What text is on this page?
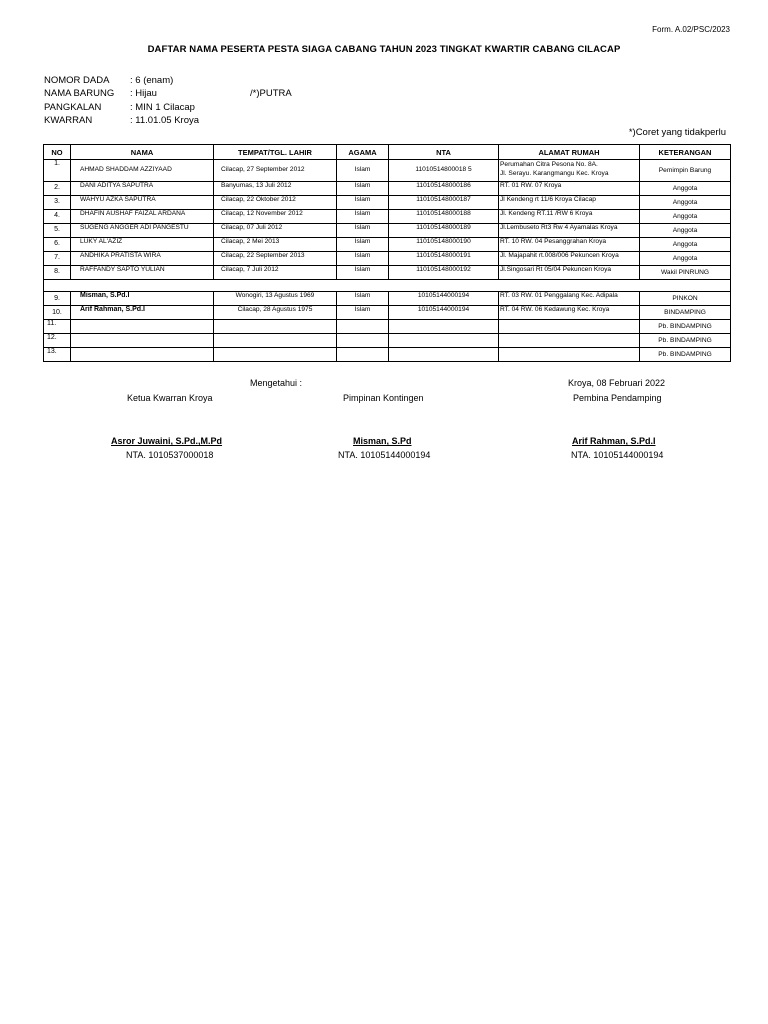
Form. A.02/PSC/2023
DAFTAR NAMA PESERTA PESTA SIAGA CABANG TAHUN 2023 TINGKAT KWARTIR CABANG CILACAP
NOMOR DADA : 6 (enam)
NAMA BARUNG : Hijau	/*)PUTRA
PANGKALAN	: MIN 1 Cilacap
KWARRAN	: 11.01.05 Kroya
*)Coret yang tidakperlu
NO	NAMA	TEMPAT/TGL. LAHIR	AGAMA	NTA	ALAMAT RUMAH	KETERANGAN
1.	AHMAD SHADDAM AZZIYAAD	Cilacap, 27 September 2012	Islam	11010514800018 5	Perumahan Citra Pesona No. 8A.
Jl. Serayu. Karangmangu Kec. Kroya	Pemimpin Barung
2.	DANI ADITYA SAPUTRA	Banyumas, 13 Juli 2012	Islam	110105148000186	RT. 01 RW. 07 Kroya	Anggota
3.	WAHYU AZKA SAPUTRA	Cilacap, 22 Oktober 2012	Islam	110105148000187	Jl Kendeng rt 11/6 Kroya Cilacap	Anggota
4.	DHAFIN AUSHAF FAIZAL ARDANA	Cilacap, 12 November 2012	Islam	110105148000188	Jl. Kendeng RT.11 /RW 6 Kroya	Anggota
5.	SUGENG ANGGER ADI PANGESTU	Cilacap, 07 Juli 2012	Islam	110105148000189	Jl.Lembuseto Rt3 Rw 4 Ayamalas Kroya	Anggota
6.	LUKY AL'AZIZ	Cilacap, 2 Mei 2013	Islam	110105148000190	RT. 10 RW. 04 Pesanggrahan Kroya	Anggota
7.	ANDHIKA PRATISTA WIRA	Cilacap, 22 September 2013	Islam	110105148000191	Jl. Majapahit rt.008/006 Pekuncen Kroya	Anggota
8.	RAFFANDY SAPTO YULIAN	Cilacap, 7 Juli 2012	Islam	110105148000192	Jl.Singosari Rt 05/04 Pekuncen Kroya	Wakil PINRUNG

9.	Misman, S.Pd.I	Wonogiri, 13 Agustus 1969	Islam	10105144000194	RT. 03 RW. 01 Penggalang Kec. Adipala	PINKON
10.	Arif Rahman, S.Pd.I	Cilacap, 28 Agustus 1975	Islam	10105144000194	RT. 04 RW. 06 Kedawung Kec. Kroya	BINDAMPING
11.						Pb. BINDAMPING
12.						Pb. BINDAMPING
13.						Pb. BINDAMPING
Mengetahui :	Kroya, 08 Februari 2022
Ketua Kwarran Kroya	Pimpinan Kontingen	Pembina Pendamping
Asror Juwaini, S.Pd.,M.Pd	Misman, S.Pd	Arif Rahman, S.Pd.I
NTA. 1010537000018	NTA. 10105144000194	NTA. 10105144000194
